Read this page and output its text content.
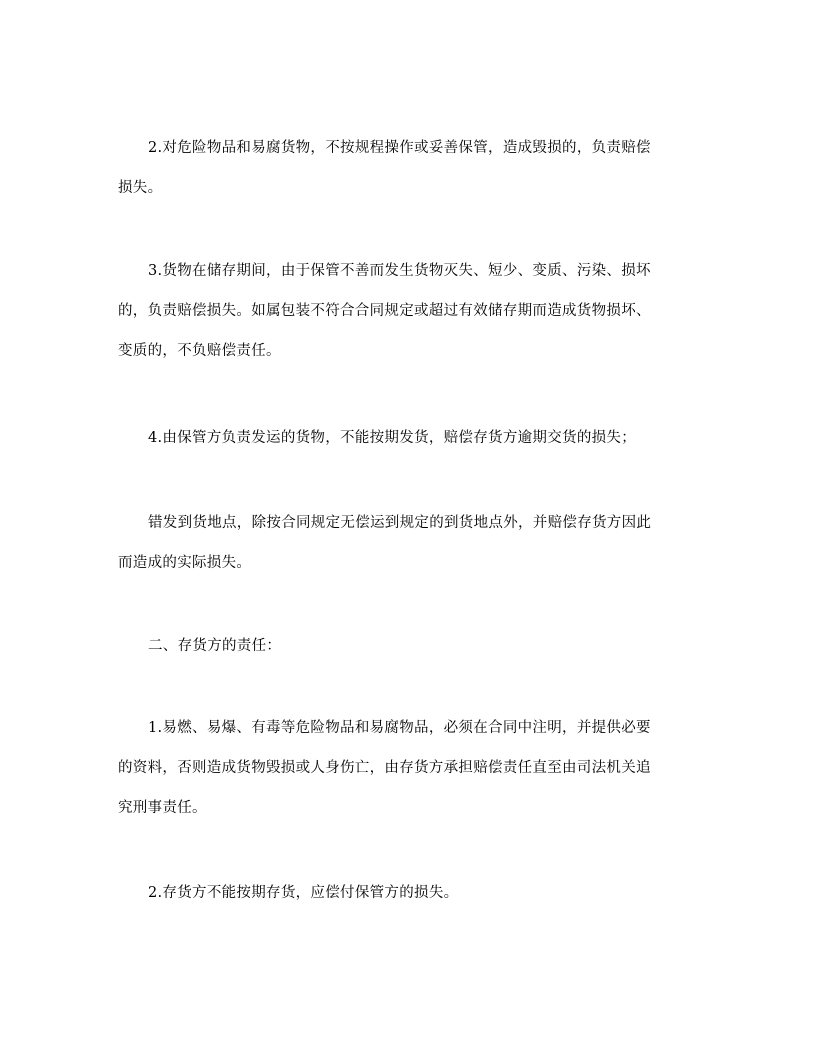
2.对危险物品和易腐货物，不按规程操作或妥善保管，造成毁损的，负责赔偿
损失。

3.货物在储存期间，由于保管不善而发生货物灭失、短少、变质、污染、损坏
的，负责赔偿损失。如属包装不符合合同规定或超过有效储存期而造成货物损坏、
变质的，不负赔偿责任。

4.由保管方负责发运的货物，不能按期发货，赔偿存货方逾期交货的损失；

错发到货地点，除按合同规定无偿运到规定的到货地点外，并赔偿存货方因此
而造成的实际损失。

二、存货方的责任：

1.易燃、易爆、有毒等危险物品和易腐物品，必须在合同中注明，并提供必要
的资料，否则造成货物毁损或人身伤亡，由存货方承担赔偿责任直至由司法机关追
究刑事责任。

2.存货方不能按期存货，应偿付保管方的损失。
